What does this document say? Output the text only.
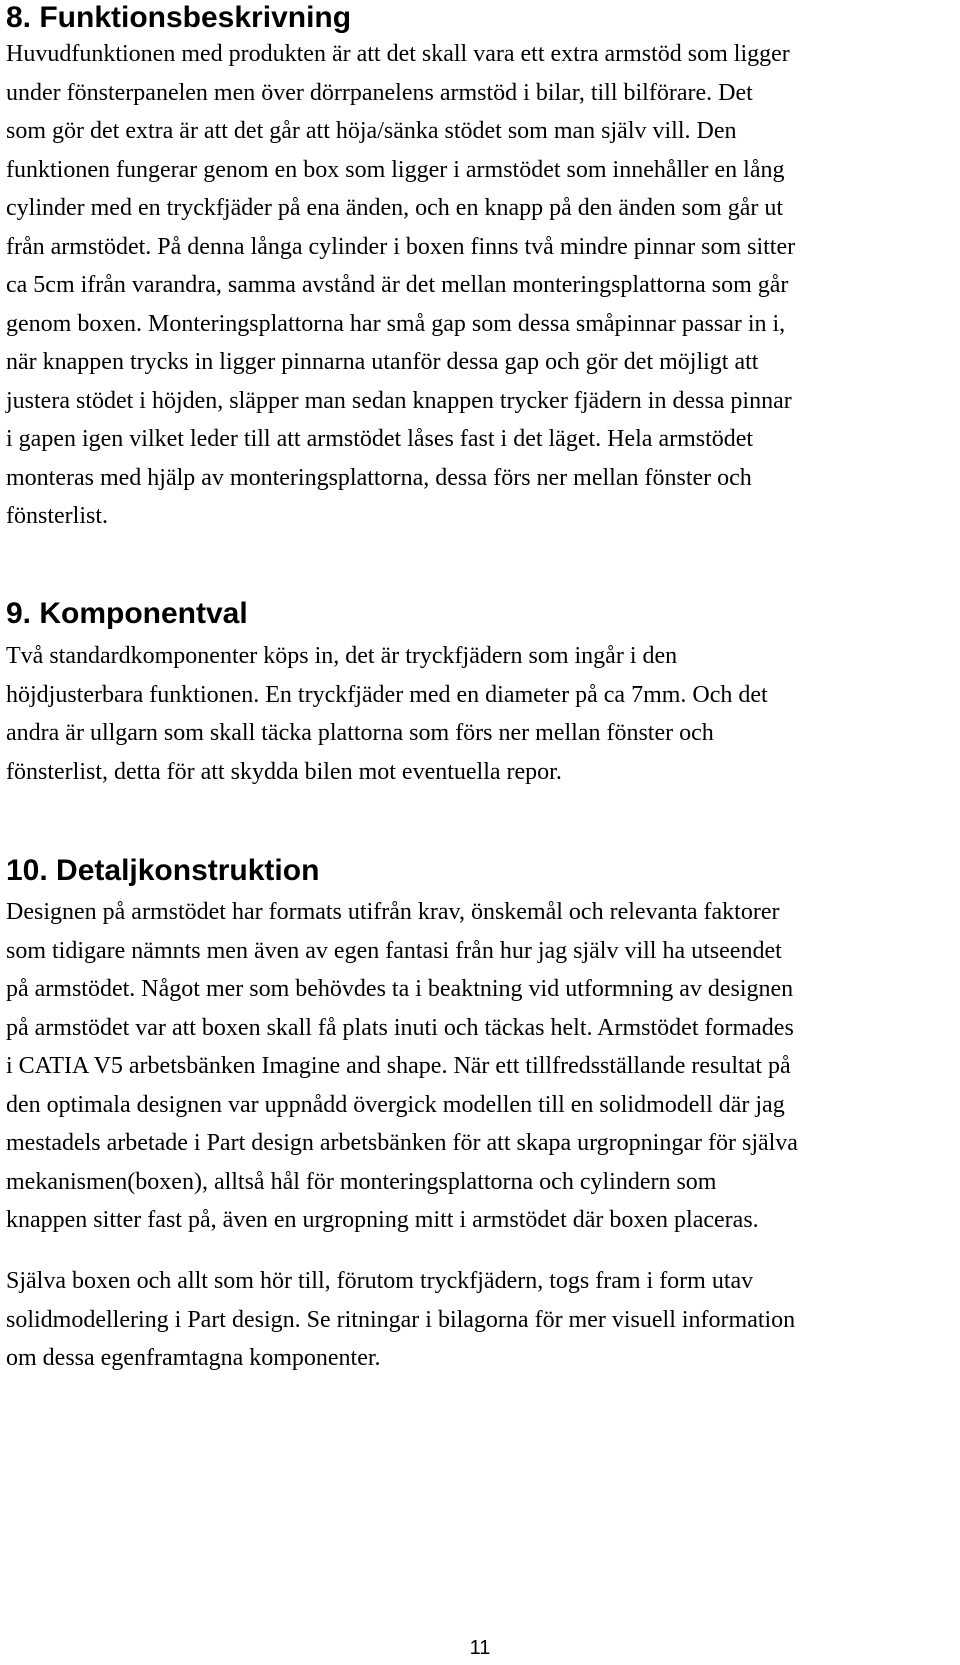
8. Funktionsbeskrivning

Huvudfunktionen med produkten är att det skall vara ett extra armstöd som ligger
under fönsterpanelen men över dörrpanelens armstöd i bilar, till bilförare. Det
som gör det extra är att det går att höja/sänka stödet som man själv vill. Den
funktionen fungerar genom en box som ligger i armstödet som innehåller en lång
cylinder med en tryckfjäder på ena änden, och en knapp på den änden som går ut
från armstödet. På denna långa cylinder i boxen finns två mindre pinnar som sitter
ca 5cm ifrån varandra, samma avstånd är det mellan monteringsplattorna som går
genom boxen. Monteringsplattorna har små gap som dessa småpinnar passar in i,
när knappen trycks in ligger pinnarna utanför dessa gap och gör det möjligt att
justera stödet i höjden, släpper man sedan knappen trycker fjädern in dessa pinnar
i gapen igen vilket leder till att armstödet låses fast i det läget. Hela armstödet
monteras med hjälp av monteringsplattorna, dessa förs ner mellan fönster och
fönsterlist.

9. Komponentval

Två standardkomponenter köps in, det är tryckfjädern som ingår i den
höjdjusterbara funktionen. En tryckfjäder med en diameter på ca 7mm. Och det
andra är ullgarn som skall täcka plattorna som förs ner mellan fönster och
fönsterlist, detta för att skydda bilen mot eventuella repor.

10. Detaljkonstruktion

Designen på armstödet har formats utifrån krav, önskemål och relevanta faktorer
som tidigare nämnts men även av egen fantasi från hur jag själv vill ha utseendet
på armstödet. Något mer som behövdes ta i beaktning vid utformning av designen
på armstödet var att boxen skall få plats inuti och täckas helt. Armstödet formades
i CATIA V5 arbetsbänken Imagine and shape. När ett tillfredsställande resultat på
den optimala designen var uppnådd övergick modellen till en solidmodell där jag
mestadels arbetade i Part design arbetsbänken för att skapa urgropningar för själva
mekanismen(boxen), alltså hål för monteringsplattorna och cylindern som
knappen sitter fast på, även en urgropning mitt i armstödet där boxen placeras.

Själva boxen och allt som hör till, förutom tryckfjädern, togs fram i form utav
solidmodellering i Part design. Se ritningar i bilagorna för mer visuell information
om dessa egenframtagna komponenter.

11
